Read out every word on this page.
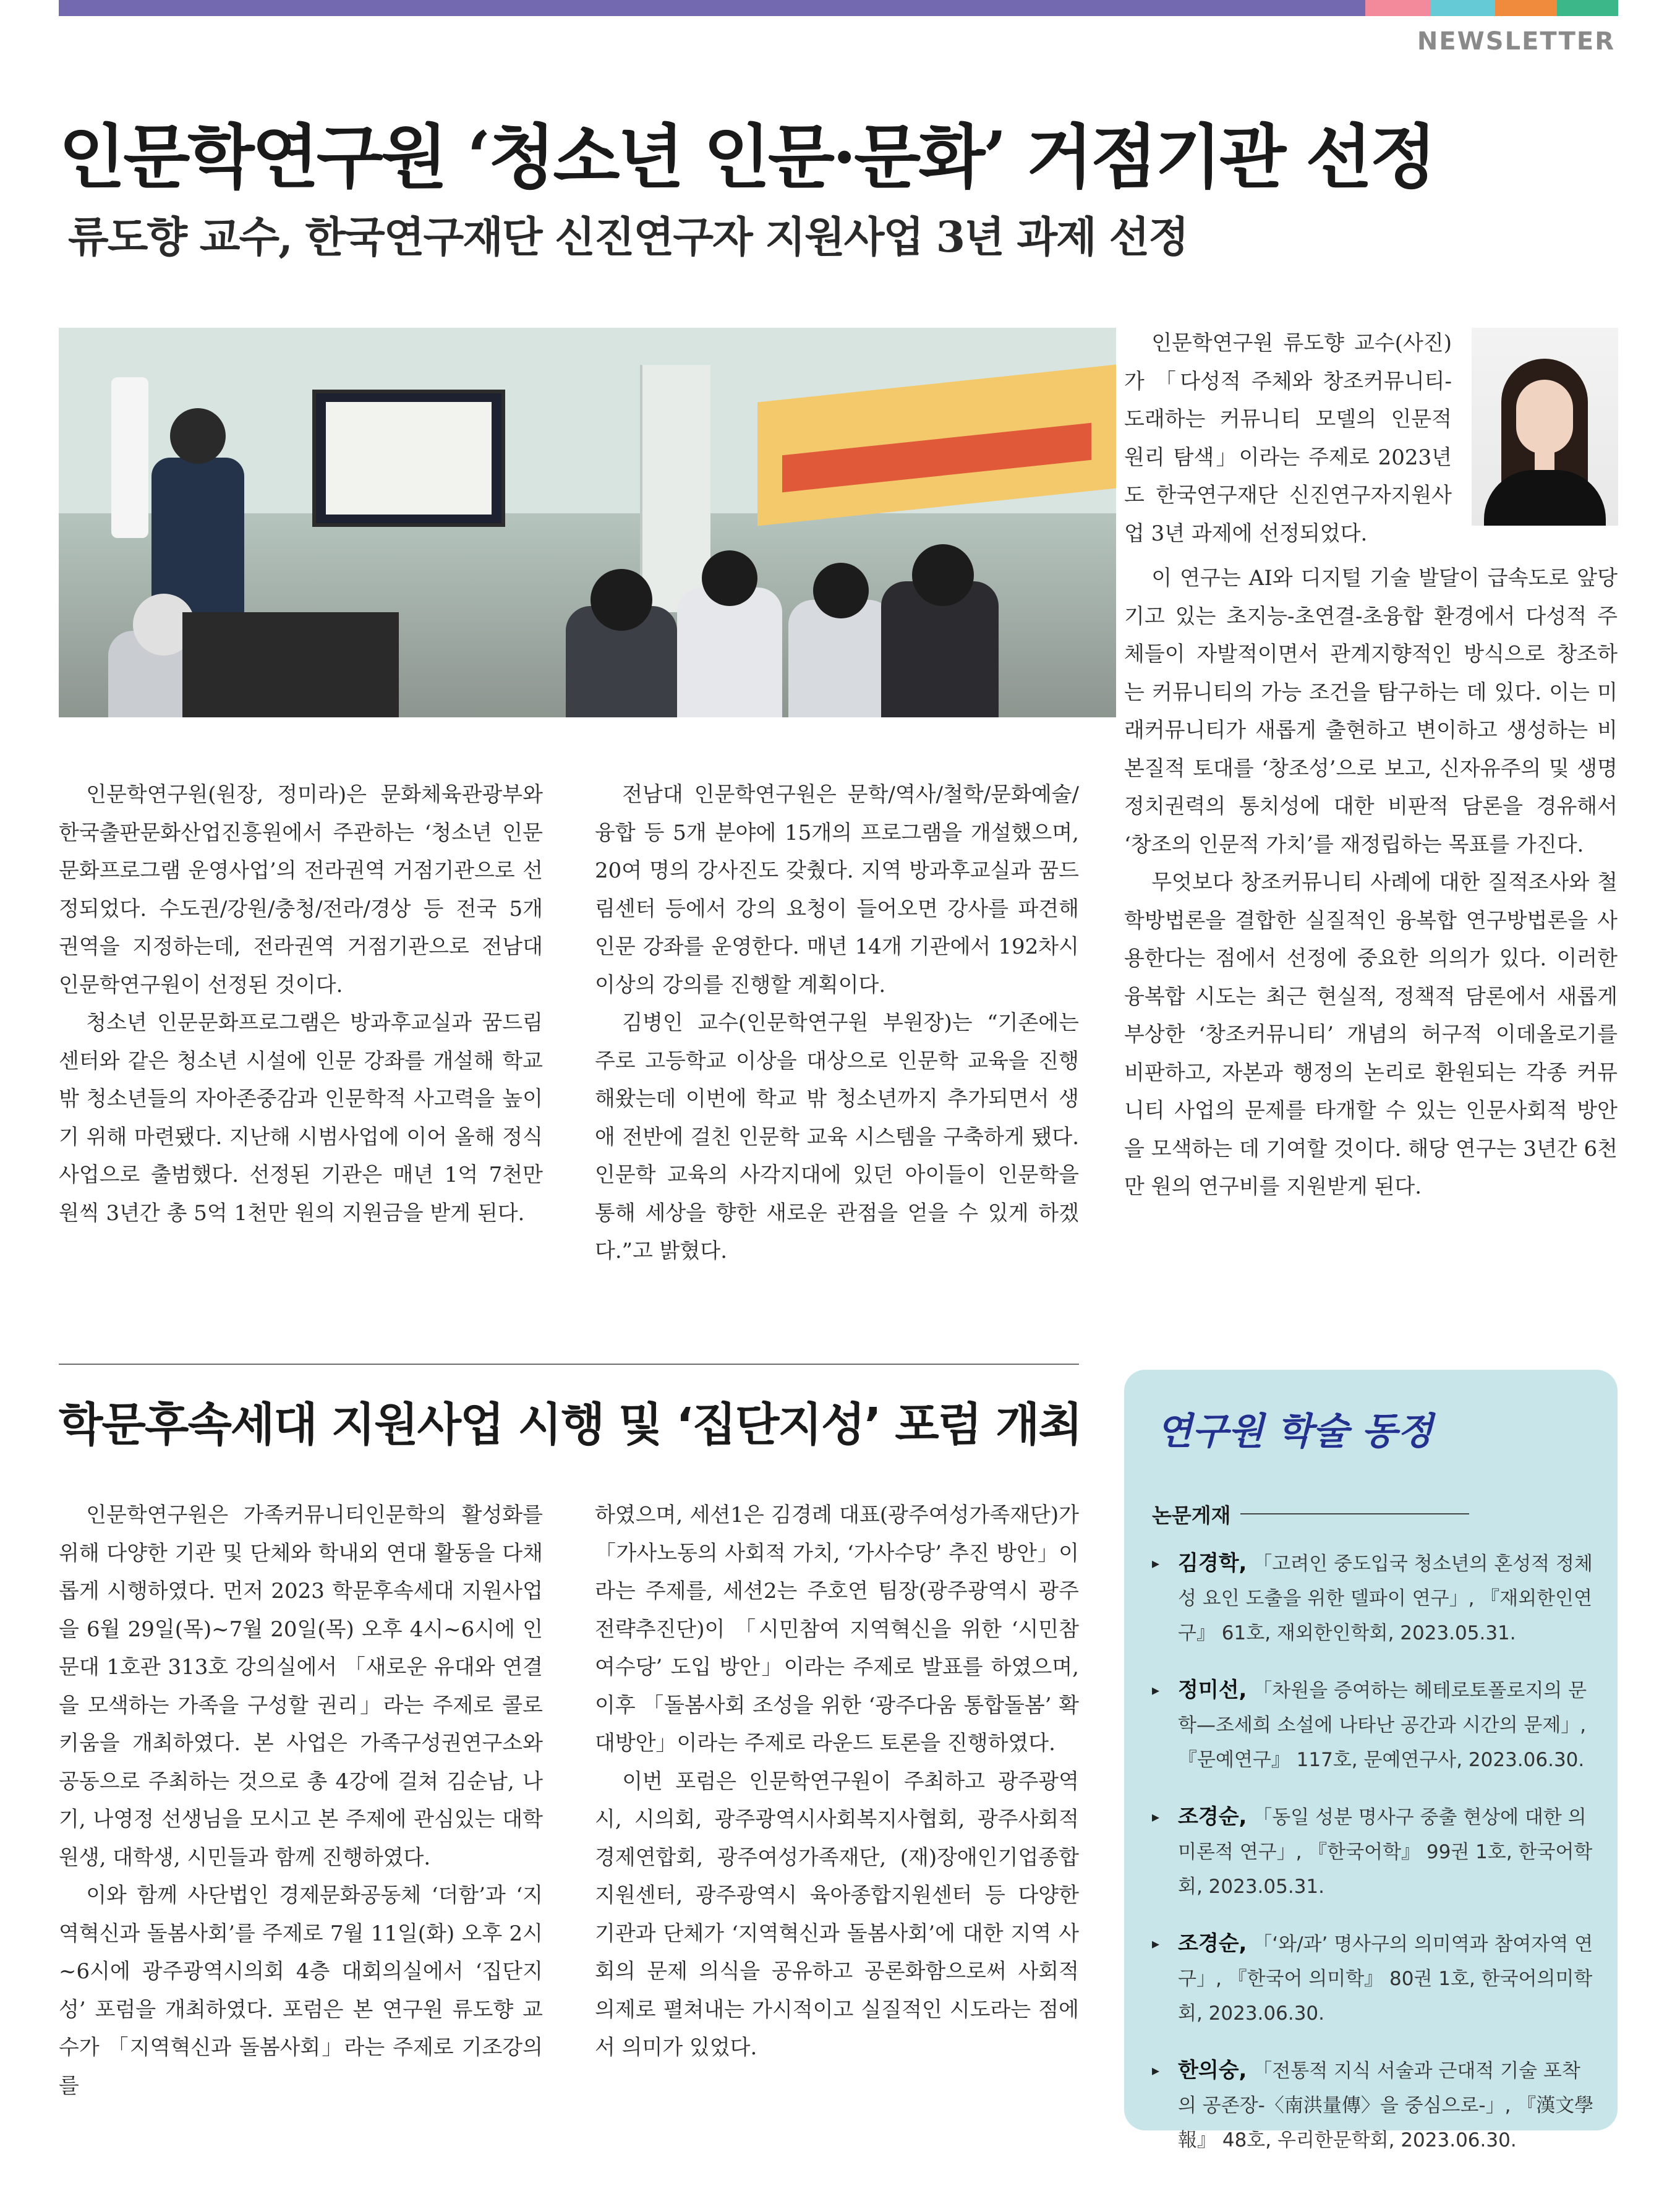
NEWSLETTER
인문학연구원 ‘청소년 인문·문화’ 거점기관 선정
류도향 교수, 한국연구재단 신진연구자 지원사업 3년 과제 선정

인문학연구원(원장, 정미라)은 문화체육관광부와 한국출판문화산업진흥원에서 주관하는 ‘청소년 인문문화프로그램 운영사업’의 전라권역 거점기관으로 선정되었다. 수도권/강원/충청/전라/경상 등 전국 5개 권역을 지정하는데, 전라권역 거점기관으로 전남대 인문학연구원이 선정된 것이다.

청소년 인문문화프로그램은 방과후교실과 꿈드림센터와 같은 청소년 시설에 인문 강좌를 개설해 학교 밖 청소년들의 자아존중감과 인문학적 사고력을 높이기 위해 마련됐다. 지난해 시범사업에 이어 올해 정식 사업으로 출범했다. 선정된 기관은 매년 1억 7천만 원씩 3년간 총 5억 1천만 원의 지원금을 받게 된다.

전남대 인문학연구원은 문학/역사/철학/문화예술/융합 등 5개 분야에 15개의 프로그램을 개설했으며, 20여 명의 강사진도 갖췄다. 지역 방과후교실과 꿈드림센터 등에서 강의 요청이 들어오면 강사를 파견해 인문 강좌를 운영한다. 매년 14개 기관에서 192차시 이상의 강의를 진행할 계획이다.

김병인 교수(인문학연구원 부원장)는 “기존에는 주로 고등학교 이상을 대상으로 인문학 교육을 진행해왔는데 이번에 학교 밖 청소년까지 추가되면서 생애 전반에 걸친 인문학 교육 시스템을 구축하게 됐다. 인문학 교육의 사각지대에 있던 아이들이 인문학을 통해 세상을 향한 새로운 관점을 얻을 수 있게 하겠다.”고 밝혔다.

인문학연구원 류도향 교수(사진)가 「다성적 주체와 창조커뮤니티-도래하는 커뮤니티 모델의 인문적 원리 탐색」이라는 주제로 2023년도 한국연구재단 신진연구자지원사업 3년 과제에 선정되었다.

이 연구는 AI와 디지털 기술 발달이 급속도로 앞당기고 있는 초지능-초연결-초융합 환경에서 다성적 주체들이 자발적이면서 관계지향적인 방식으로 창조하는 커뮤니티의 가능 조건을 탐구하는 데 있다. 이는 미래커뮤니티가 새롭게 출현하고 변이하고 생성하는 비본질적 토대를 ‘창조성’으로 보고, 신자유주의 및 생명정치권력의 통치성에 대한 비판적 담론을 경유해서 ‘창조의 인문적 가치’를 재정립하는 목표를 가진다.

무엇보다 창조커뮤니티 사례에 대한 질적조사와 철학방법론을 결합한 실질적인 융복합 연구방법론을 사용한다는 점에서 선정에 중요한 의의가 있다. 이러한 융복합 시도는 최근 현실적, 정책적 담론에서 새롭게 부상한 ‘창조커뮤니티’ 개념의 허구적 이데올로기를 비판하고, 자본과 행정의 논리로 환원되는 각종 커뮤니티 사업의 문제를 타개할 수 있는 인문사회적 방안을 모색하는 데 기여할 것이다. 해당 연구는 3년간 6천만 원의 연구비를 지원받게 된다.

학문후속세대 지원사업 시행 및 ‘집단지성’ 포럼 개최

인문학연구원은 가족커뮤니티인문학의 활성화를 위해 다양한 기관 및 단체와 학내외 연대 활동을 다채롭게 시행하였다. 먼저 2023 학문후속세대 지원사업을 6월 29일(목)~7월 20일(목) 오후 4시~6시에 인문대 1호관 313호 강의실에서 「새로운 유대와 연결을 모색하는 가족을 구성할 권리」라는 주제로 콜로키움을 개최하였다. 본 사업은 가족구성권연구소와 공동으로 주최하는 것으로 총 4강에 걸쳐 김순남, 나기, 나영정 선생님을 모시고 본 주제에 관심있는 대학원생, 대학생, 시민들과 함께 진행하였다.

이와 함께 사단법인 경제문화공동체 ‘더함’과 ‘지역혁신과 돌봄사회’를 주제로 7월 11일(화) 오후 2시~6시에 광주광역시의회 4층 대회의실에서 ‘집단지성’ 포럼을 개최하였다. 포럼은 본 연구원 류도향 교수가 「지역혁신과 돌봄사회」라는 주제로 기조강의를

하였으며, 세션1은 김경례 대표(광주여성가족재단)가 「가사노동의 사회적 가치, ‘가사수당’ 추진 방안」이라는 주제를, 세션2는 주호연 팀장(광주광역시 광주전략추진단)이 「시민참여 지역혁신을 위한 ‘시민참여수당’ 도입 방안」이라는 주제로 발표를 하였으며, 이후 「돌봄사회 조성을 위한 ‘광주다움 통합돌봄’ 확대방안」이라는 주제로 라운드 토론을 진행하였다.

이번 포럼은 인문학연구원이 주최하고 광주광역시, 시의회, 광주광역시사회복지사협회, 광주사회적경제연합회, 광주여성가족재단, (재)장애인기업종합지원센터, 광주광역시 육아종합지원센터 등 다양한 기관과 단체가 ‘지역혁신과 돌봄사회’에 대한 지역 사회의 문제 의식을 공유하고 공론화함으로써 사회적 의제로 펼쳐내는 가시적이고 실질적인 시도라는 점에서 의미가 있었다.

연구원 학술 동정
논문게재
▸ 김경학, 「고려인 중도입국 청소년의 혼성적 정체성 요인 도출을 위한 델파이 연구」, 『재외한인연구』 61호, 재외한인학회, 2023.05.31.
▸ 정미선, 「차원을 증여하는 헤테로토폴로지의 문학—조세희 소설에 나타난 공간과 시간의 문제」, 『문예연구』 117호, 문예연구사, 2023.06.30.
▸ 조경순, 「동일 성분 명사구 중출 현상에 대한 의미론적 연구」, 『한국어학』 99권 1호, 한국어학회, 2023.05.31.
▸ 조경순, 「‘와/과’ 명사구의 의미역과 참여자역 연구」, 『한국어 의미학』 80권 1호, 한국어의미학회, 2023.06.30.
▸ 한의숭, 「전통적 지식 서술과 근대적 기술 포착의 공존장-〈南洪量傳〉을 중심으로-」, 『漢文學報』 48호, 우리한문학회, 2023.06.30.
